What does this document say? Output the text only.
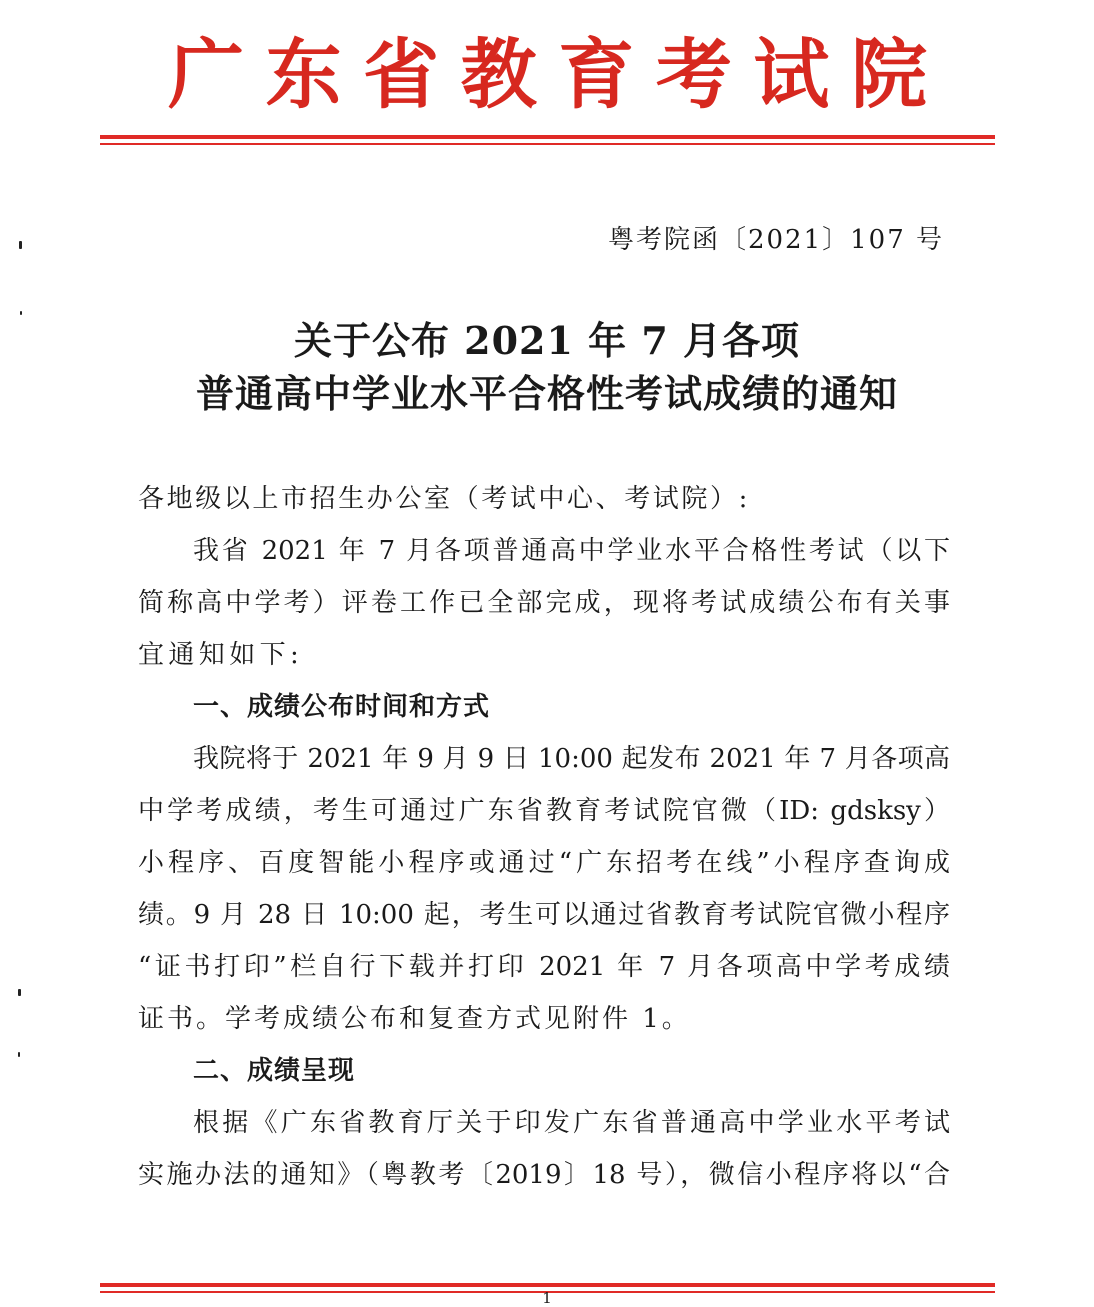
广 东 省 教 育 考 试 院
粤考院函〔2021〕107 号
关于公布 2021 年 7 月各项
普通高中学业水平合格性考试成绩的通知
各地级以上市招生办公室（考试中心、考试院）:
我省 2021 年 7 月各项普通高中学业水平合格性考试（以下
简称高中学考）评卷工作已全部完成，现将考试成绩公布有关事
宜通知如下:
一、成绩公布时间和方式
我院将于 2021 年 9 月 9 日 10:00 起发布 2021 年 7 月各项高
中学考成绩，考生可通过广东省教育考试院官微（ID: gdsksy）
小程序、百度智能小程序或通过“广东招考在线”小程序查询成
绩。9 月 28 日 10:00 起，考生可以通过省教育考试院官微小程序
“证书打印”栏自行下载并打印 2021 年 7 月各项高中学考成绩
证书。学考成绩公布和复查方式见附件 1。
二、成绩呈现
根据《广东省教育厅关于印发广东省普通高中学业水平考试
实施办法的通知》（粤教考〔2019〕18 号），微信小程序将以“合
1
